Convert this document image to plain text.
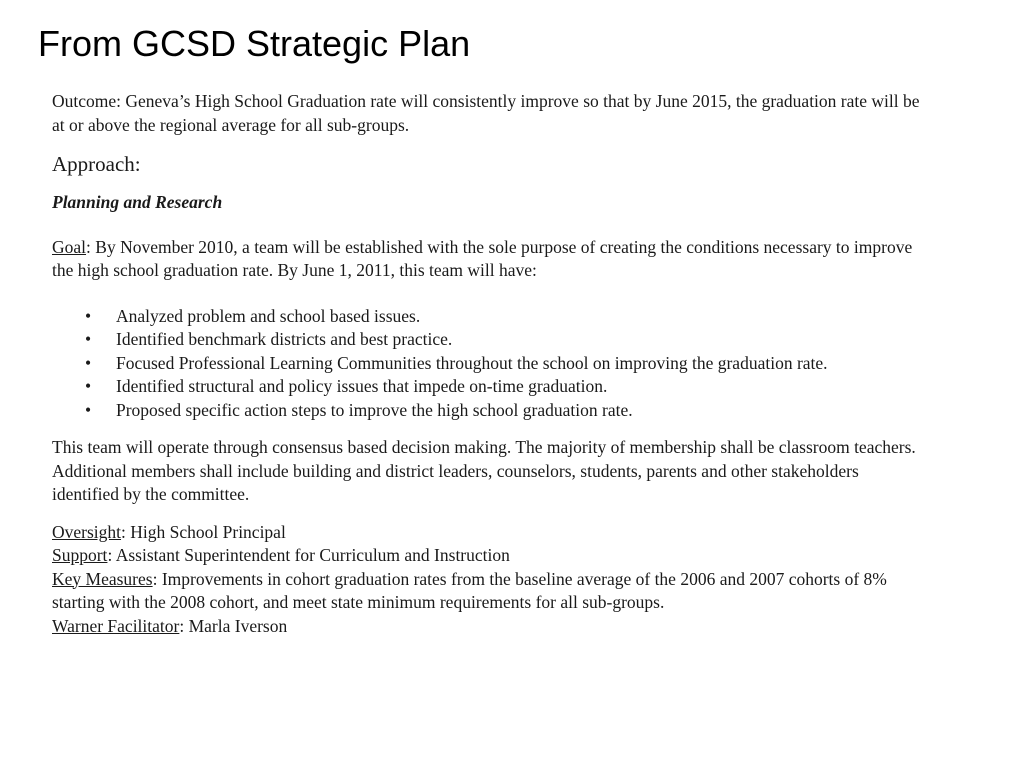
From GCSD Strategic Plan

Outcome: Geneva’s High School Graduation rate will consistently improve so that by June 2015, the graduation rate will be at or above the regional average for all sub-groups.

Approach:

Planning and Research

Goal: By November 2010, a team will be established with the sole purpose of creating the conditions necessary to improve the high school graduation rate. By June 1, 2011, this team will have:

• Analyzed problem and school based issues.
• Identified benchmark districts and best practice.
• Focused Professional Learning Communities throughout the school on improving the graduation rate.
• Identified structural and policy issues that impede on-time graduation.
• Proposed specific action steps to improve the high school graduation rate.

This team will operate through consensus based decision making. The majority of membership shall be classroom teachers. Additional members shall include building and district leaders, counselors, students, parents and other stakeholders identified by the committee.

Oversight: High School Principal

Support: Assistant Superintendent for Curriculum and Instruction

Key Measures: Improvements in cohort graduation rates from the baseline average of the 2006 and 2007 cohorts of 8% starting with the 2008 cohort, and meet state minimum requirements for all sub-groups.

Warner Facilitator: Marla Iverson
